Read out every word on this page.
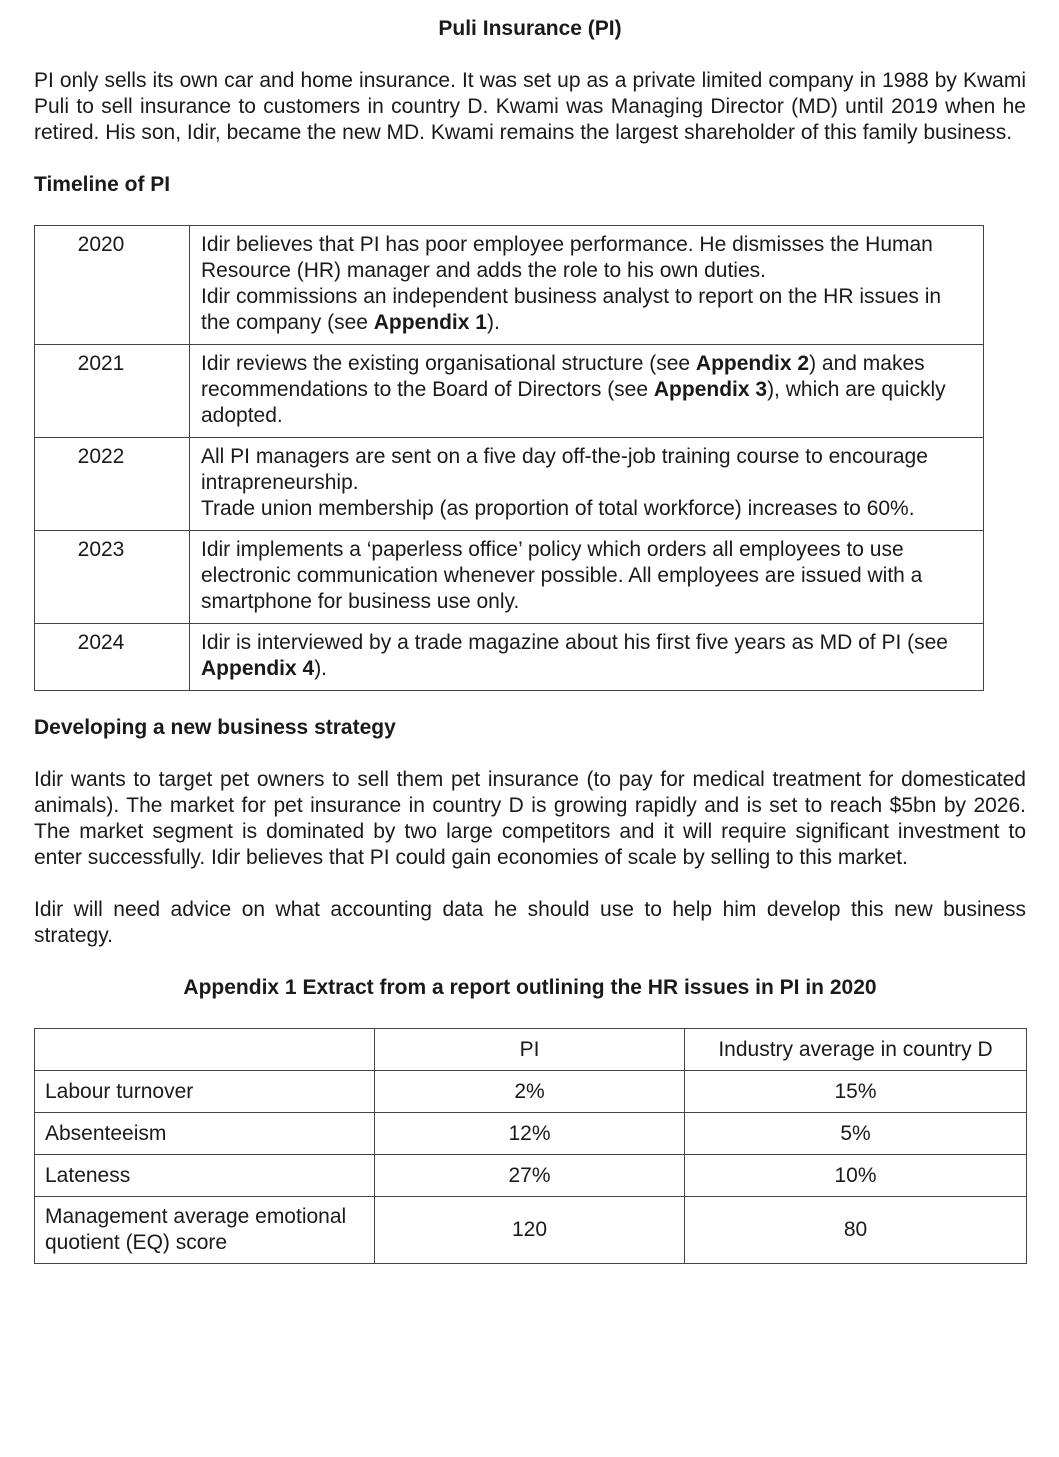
Puli Insurance (PI)

PI only sells its own car and home insurance. It was set up as a private limited company in 1988 by Kwami Puli to sell insurance to customers in country D. Kwami was Managing Director (MD) until 2019 when he retired. His son, Idir, became the new MD. Kwami remains the largest shareholder of this family business.

Timeline of PI

2020	Idir believes that PI has poor employee performance. He dismisses the Human Resource (HR) manager and adds the role to his own duties.
Idir commissions an independent business analyst to report on the HR issues in the company (see Appendix 1).

2021	Idir reviews the existing organisational structure (see Appendix 2) and makes recommendations to the Board of Directors (see Appendix 3), which are quickly adopted.
2022	All PI managers are sent on a five day off-the-job training course to encourage intrapreneurship.
Trade union membership (as proportion of total workforce) increases to 60%.

2023	Idir implements a ‘paperless office’ policy which orders all employees to use electronic communication whenever possible. All employees are issued with a smartphone for business use only.
2024	Idir is interviewed by a trade magazine about his first five years as MD of PI (see Appendix 4).

Developing a new business strategy

Idir wants to target pet owners to sell them pet insurance (to pay for medical treatment for domesticated animals). The market for pet insurance in country D is growing rapidly and is set to reach $5bn by 2026. The market segment is dominated by two large competitors and it will require significant investment to enter successfully. Idir believes that PI could gain economies of scale by selling to this market.

Idir will need advice on what accounting data he should use to help him develop this new business strategy.

Appendix 1 Extract from a report outlining the HR issues in PI in 2020

	PI	Industry average in country D
Labour turnover	2%	15%
Absenteeism	12%	5%
Lateness	27%	10%
Management average emotional quotient (EQ) score	120	80
